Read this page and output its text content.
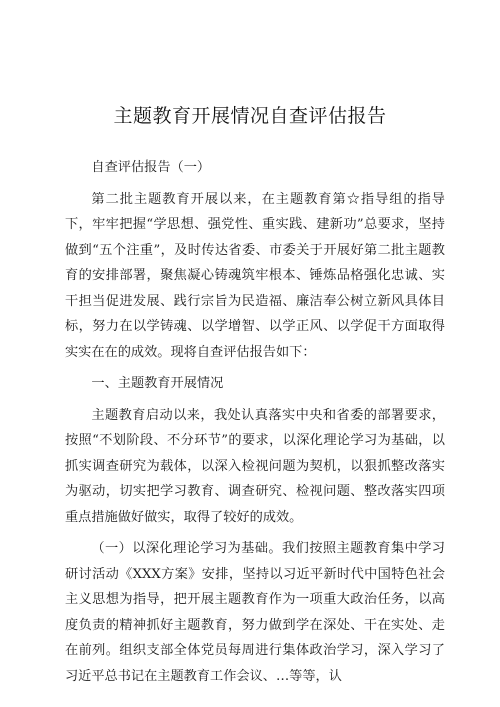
主题教育开展情况自查评估报告

自查评估报告（一）

第二批主题教育开展以来，在主题教育第☆指导组的指导下，牢牢把握“学思想、强党性、重实践、建新功”总要求，坚持做到“五个注重”，及时传达省委、市委关于开展好第二批主题教育的安排部署，聚焦凝心铸魂筑牢根本、锤炼品格强化忠诚、实干担当促进发展、践行宗旨为民造福、廉洁奉公树立新风具体目标，努力在以学铸魂、以学增智、以学正风、以学促干方面取得实实在在的成效。现将自查评估报告如下：

一、主题教育开展情况

主题教育启动以来，我处认真落实中央和省委的部署要求，按照“不划阶段、不分环节”的要求，以深化理论学习为基础，以抓实调查研究为载体，以深入检视问题为契机，以狠抓整改落实为驱动，切实把学习教育、调查研究、检视问题、整改落实四项重点措施做好做实，取得了较好的成效。

（一）以深化理论学习为基础。我们按照主题教育集中学习研讨活动《XXX方案》安排，坚持以习近平新时代中国特色社会主义思想为指导，把开展主题教育作为一项重大政治任务，以高度负责的精神抓好主题教育，努力做到学在深处、干在实处、走在前列。组织支部全体党员每周进行集体政治学习，深入学习了习近平总书记在主题教育工作会议、…等等，认
